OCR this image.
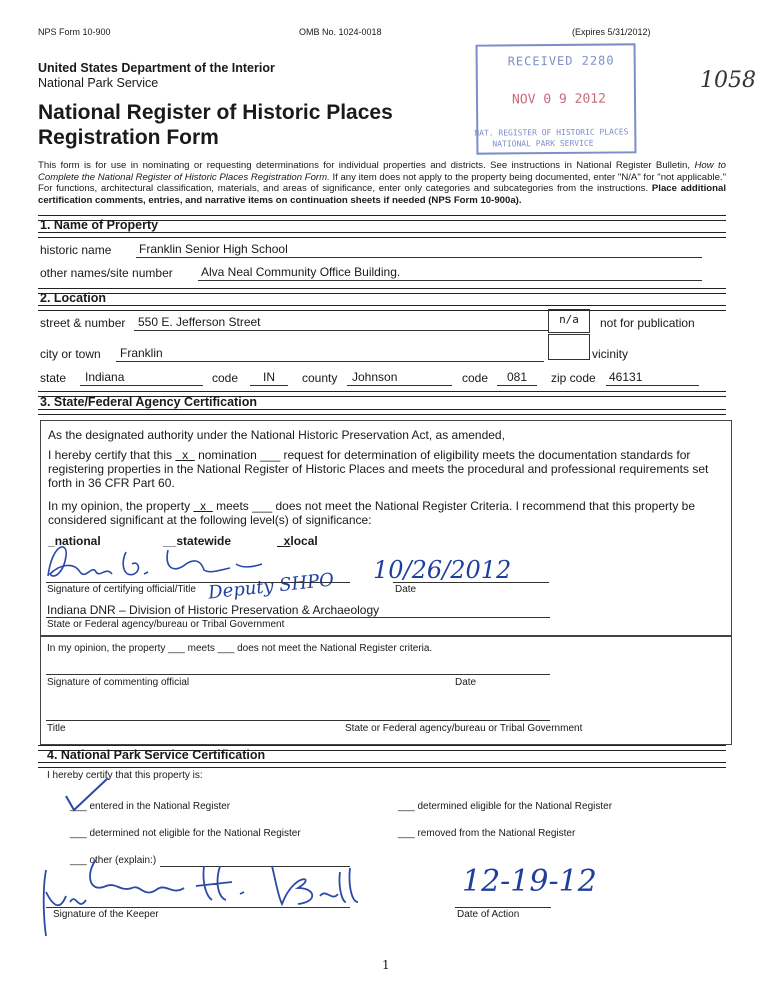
NPS Form 10-900	OMB No. 1024-0018	(Expires 5/31/2012)
United States Department of the Interior
National Park Service
National Register of Historic Places
Registration Form
RECEIVED 2280
NOV 0 9 2012
NAT. REGISTER OF HISTORIC PLACES
NATIONAL PARK SERVICE
1058
This form is for use in nominating or requesting determinations for individual properties and districts. See instructions in National Register Bulletin, How to Complete the National Register of Historic Places Registration Form. If any item does not apply to the property being documented, enter "N/A" for "not applicable." For functions, architectural classification, materials, and areas of significance, enter only categories and subcategories from the instructions. Place additional certification comments, entries, and narrative items on continuation sheets if needed (NPS Form 10-900a).
1. Name of Property
historic name Franklin Senior High School
other names/site number Alva Neal Community Office Building.
2. Location
street & number	550 E. Jefferson Street	n/a	not for publication
city or town	Franklin	vicinity
state	Indiana	code	IN	county	Johnson	code	081	zip code 46131
3. State/Federal Agency Certification
As the designated authority under the National Historic Preservation Act, as amended,
I hereby certify that this   x   nomination ___ request for determination of eligibility meets the documentation standards for registering properties in the National Register of Historic Places and meets the procedural and professional requirements set forth in 36 CFR Part 60.
In my opinion, the property   x   meets ___ does not meet the National Register Criteria. I recommend that this property be considered significant at the following level(s) of significance:
_national	__statewide	xlocal
Deputy SHPO 10/26/2012
Signature of certifying official/Title	Date
Indiana DNR – Division of Historic Preservation & Archaeology
State or Federal agency/bureau or Tribal Government
In my opinion, the property ___ meets ___ does not meet the National Register criteria.
Signature of commenting official	Date
Title	State or Federal agency/bureau or Tribal Government
4. National Park Service Certification
I hereby certify that this property is:
___ entered in the National Register	___ determined eligible for the National Register
___ determined not eligible for the National Register	___ removed from the National Register
___ other (explain:)
12-19-12
Signature of the Keeper	Date of Action
1
